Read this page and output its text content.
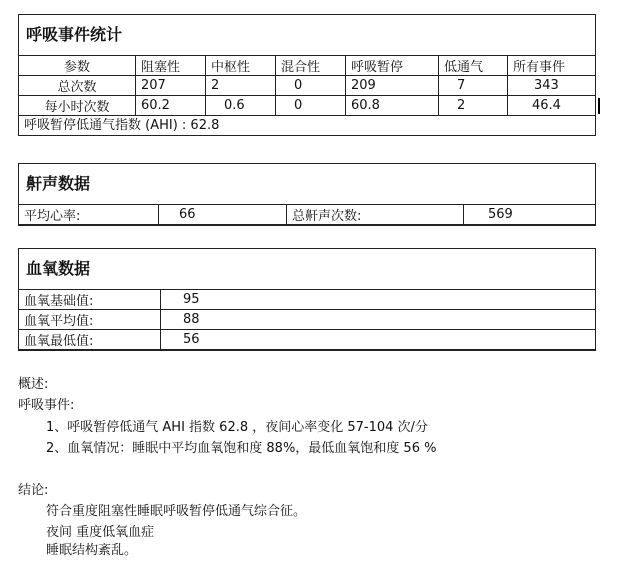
呼吸事件统计
参数	阻塞性	中枢性	混合性	呼吸暂停	低通气	所有事件
总次数	207	2	0	209	7	343
每小时次数	60.2	0.6	0	60.8	2	46.4
呼吸暂停低通气指数 (AHI) : 62.8
鼾声数据
平均心率:	66	总鼾声次数:	569
血氧数据
血氧基础值:	95
血氧平均值:	88
血氧最低值:	56
概述:
呼吸事件:
1、呼吸暂停低通气 AHI 指数 62.8 ，夜间心率变化 57-104 次/分
2、血氧情况：睡眠中平均血氧饱和度 88%，最低血氧饱和度 56 %
结论:
符合重度阻塞性睡眠呼吸暂停低通气综合征。
夜间 重度低氧血症
睡眠结构紊乱。
